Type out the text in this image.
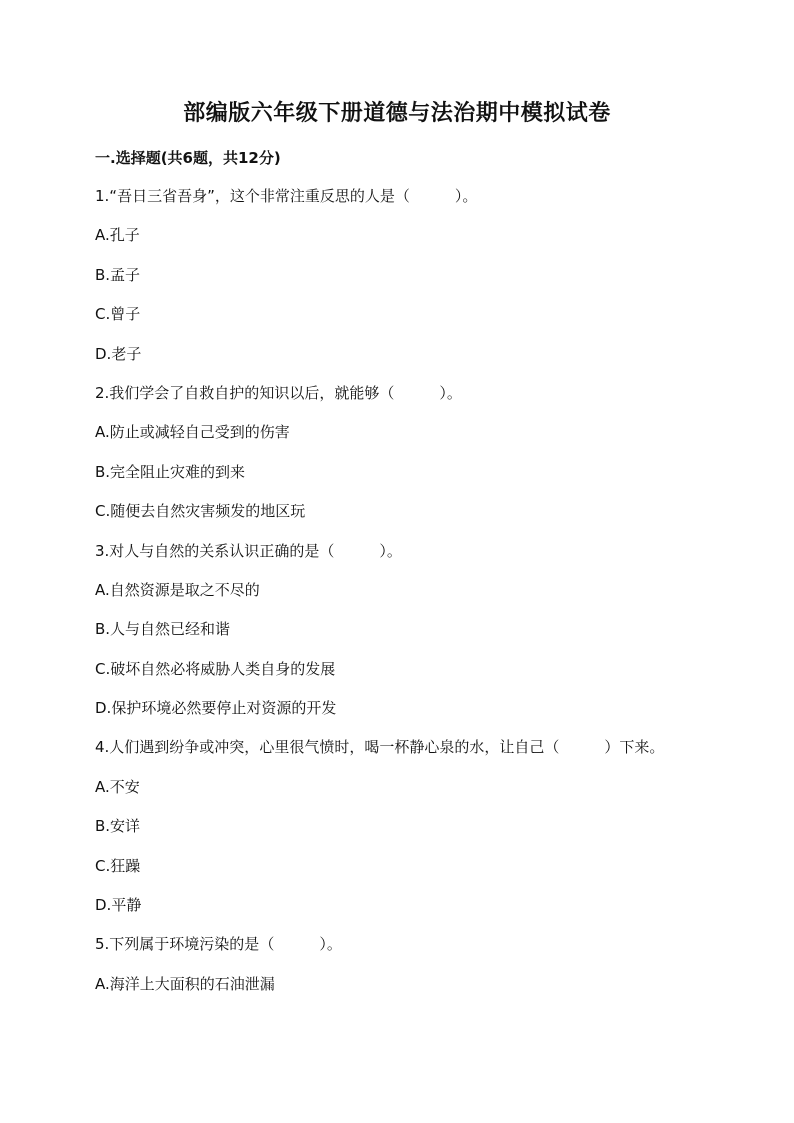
部编版六年级下册道德与法治期中模拟试卷
一.选择题(共6题，共12分)
1.“吾日三省吾身”，这个非常注重反思的人是（　　　）。
A.孔子
B.孟子
C.曾子
D.老子
2.我们学会了自救自护的知识以后，就能够（　　　）。
A.防止或减轻自己受到的伤害
B.完全阻止灾难的到来
C.随便去自然灾害频发的地区玩
3.对人与自然的关系认识正确的是（　　　）。
A.自然资源是取之不尽的
B.人与自然已经和谐
C.破坏自然必将威胁人类自身的发展
D.保护环境必然要停止对资源的开发
4.人们遇到纷争或冲突，心里很气愤时，喝一杯静心泉的水，让自己（　　　）下来。
A.不安
B.安详
C.狂躁
D.平静
5.下列属于环境污染的是（　　　）。
A.海洋上大面积的石油泄漏
